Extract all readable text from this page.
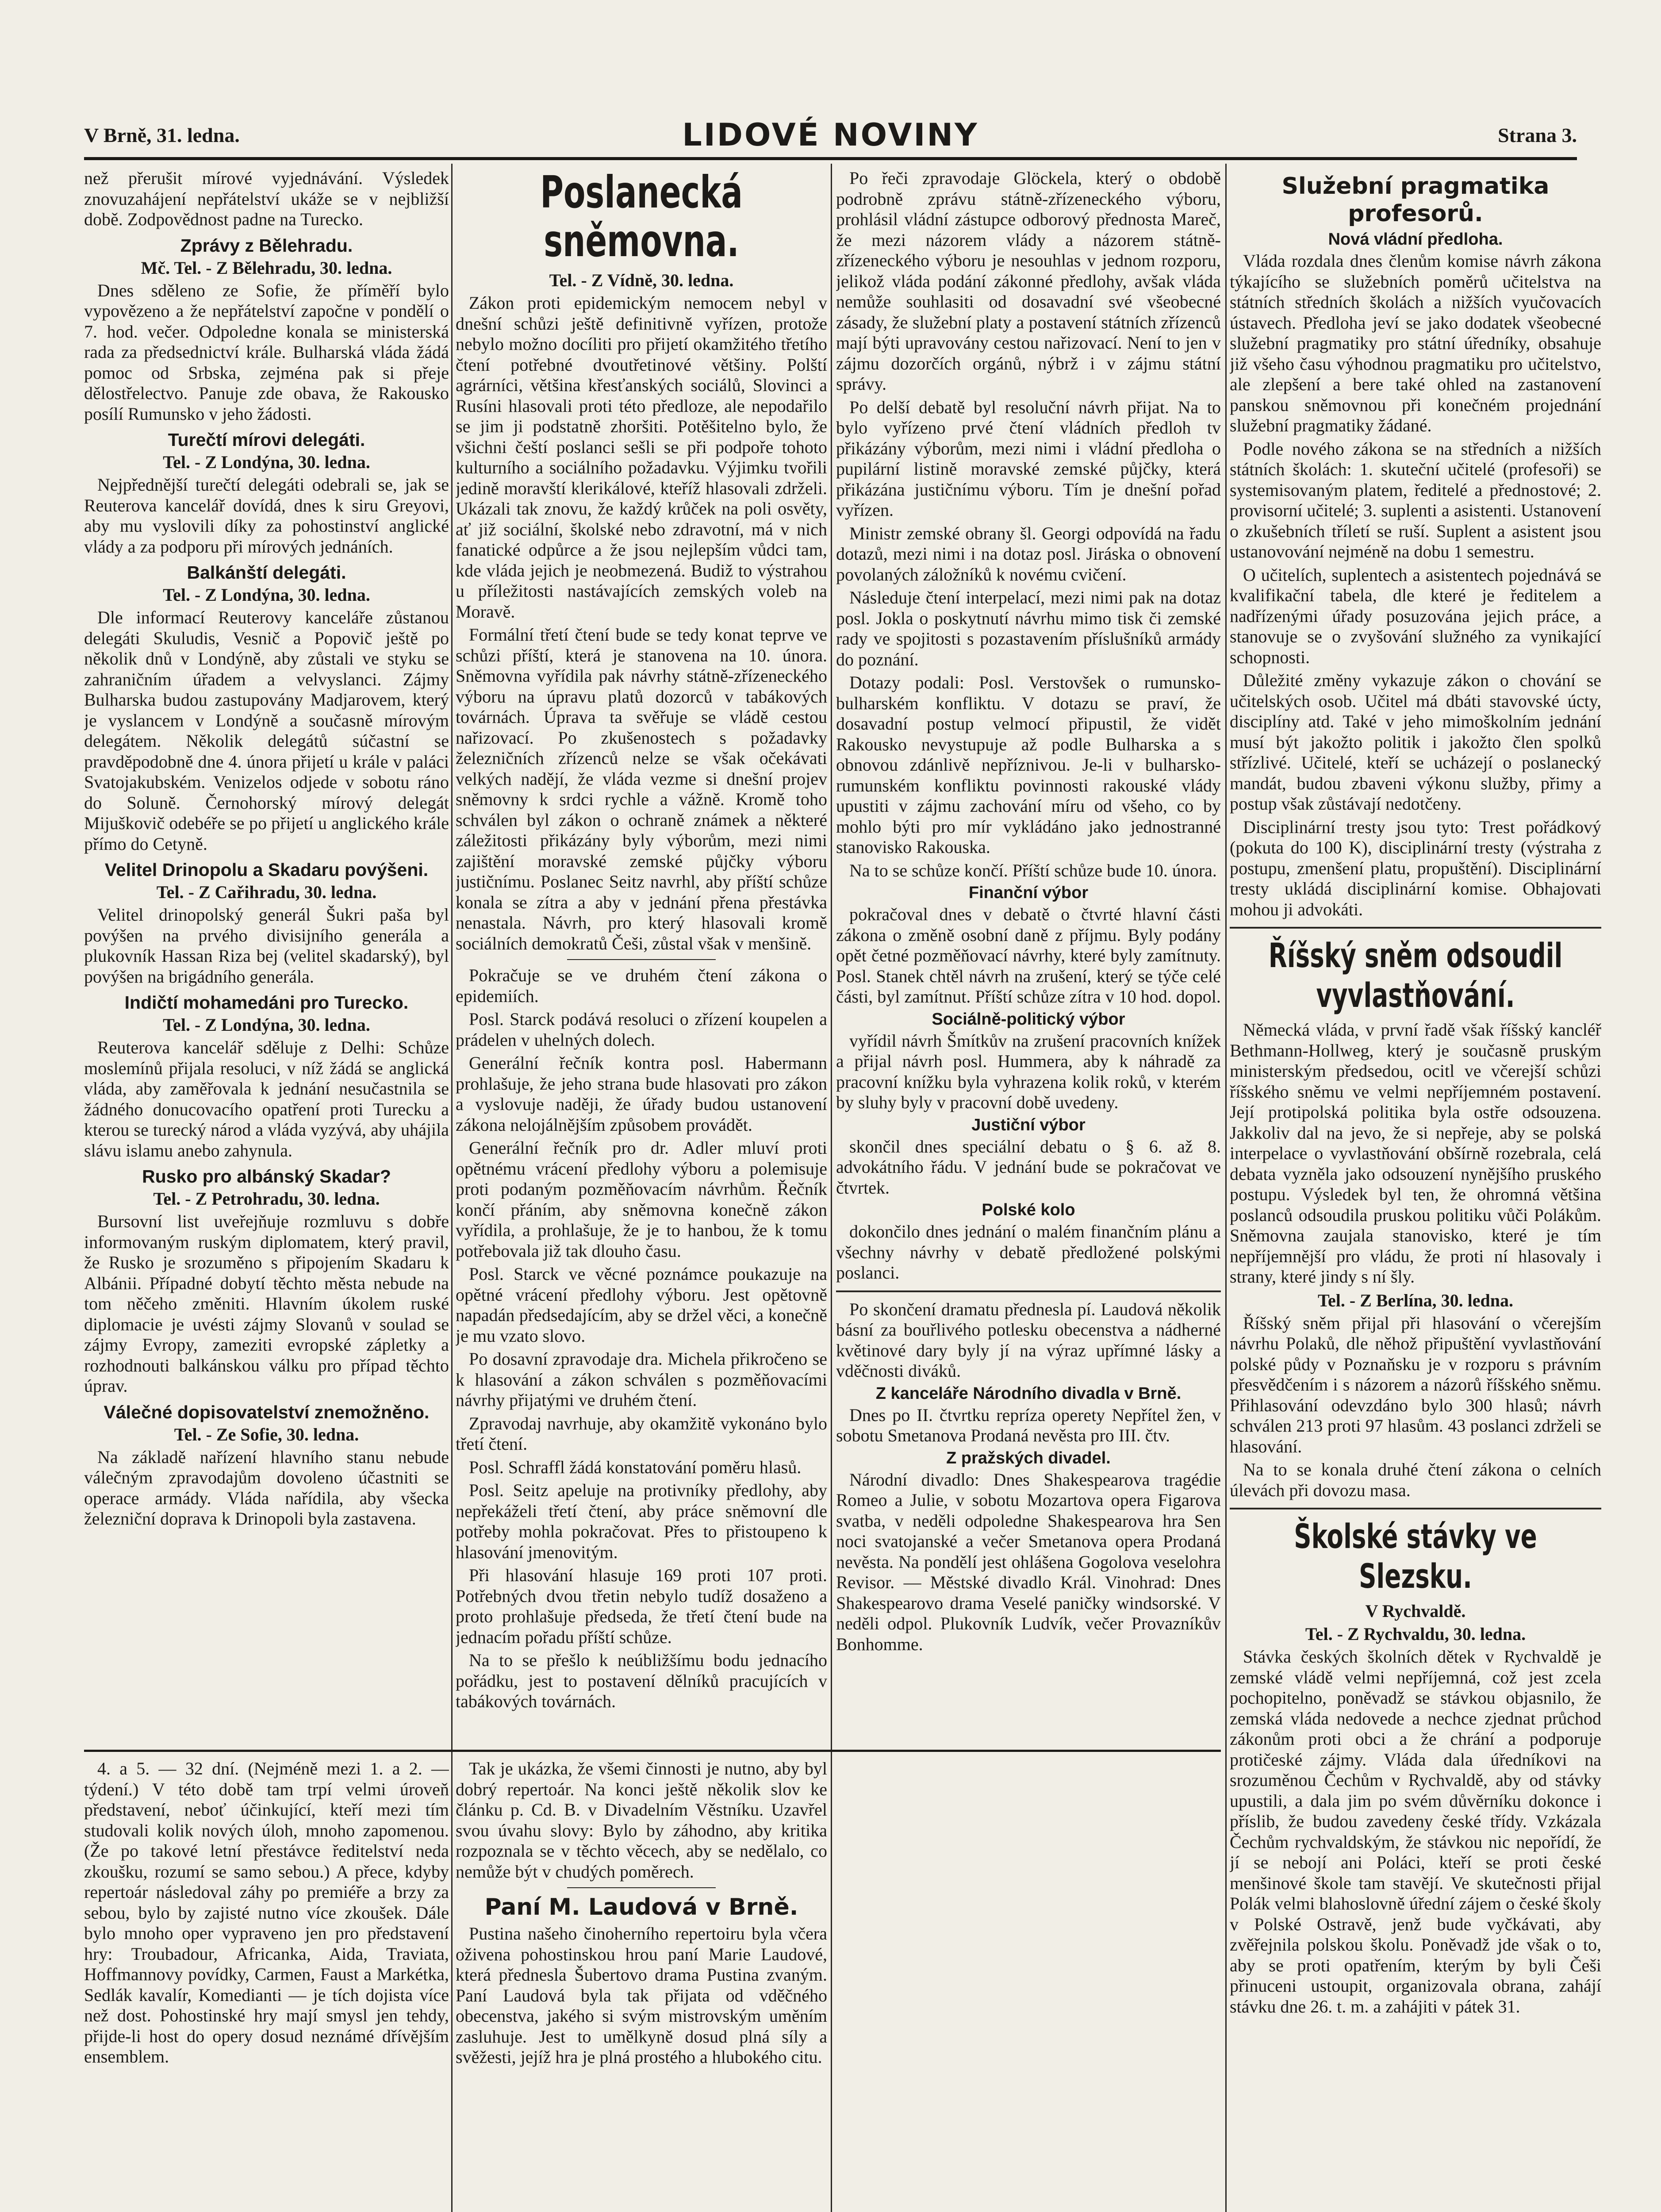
V Brně, 31. ledna.	LIDOVÉ NOVINY	Strana 3.

než přerušit mírové vyjednávání. Výsledek znovuzahájení nepřátelství ukáže se v nejbližší době. Zodpovědnost padne na Turecko.

Zprávy z Bělehradu.
Mč. Tel. - Z Bělehradu, 30. ledna.

Dnes sděleno ze Sofie, že příměří bylo vypovězeno a že nepřátelství započne v pondělí o 7. hod. večer. Odpoledne konala se ministerská rada za předsednictví krále. Bulharská vláda žádá pomoc od Srbska, zejména pak si přeje dělostřelectvo. Panuje zde obava, že Rakousko posílí Rumunsko v jeho žádosti.

Turečtí mírovi delegáti.
Tel. - Z Londýna, 30. ledna.

Nejpřednější turečtí delegáti odebrali se, jak se Reuterova kancelář dovídá, dnes k siru Greyovi, aby mu vyslovili díky za pohostinství anglické vlády a za podporu při mírových jednáních.

Balkánští delegáti.
Tel. - Z Londýna, 30. ledna.

Dle informací Reuterovy kanceláře zůstanou delegáti Skuludis, Vesnič a Popovič ještě po několik dnů v Londýně, aby zůstali ve styku se zahraničním úřadem a velvyslanci. Zájmy Bulharska budou zastupovány Madjarovem, který je vyslancem v Londýně a současně mírovým delegátem. Několik delegátů súčastní se pravděpodobně dne 4. února přijetí u krále v paláci Svatojakubském. Venizelos odjede v sobotu ráno do Soluně. Černohorský mírový delegát Mijuškovič odebéře se po přijetí u anglického krále přímo do Cetyně.

Velitel Drinopolu a Skadaru povýšeni.
Tel. - Z Cařihradu, 30. ledna.

Velitel drinopolský generál Šukri paša byl povýšen na prvého divisijního generála a plukovník Hassan Riza bej (velitel skadarský), byl povýšen na brigádního generála.

Indičtí mohamedáni pro Turecko.
Tel. - Z Londýna, 30. ledna.

Reuterova kancelář sděluje z Delhi: Schůze moslemínů přijala resoluci, v níž žádá se anglická vláda, aby zaměřovala k jednání nesučastnila se žádného donucovacího opatření proti Turecku a kterou se turecký národ a vláda vyzývá, aby uhájila slávu islamu anebo zahynula.

Rusko pro albánský Skadar?
Tel. - Z Petrohradu, 30. ledna.

Bursovní list uveřejňuje rozmluvu s dobře informovaným ruským diplomatem, který pravil, že Rusko je srozuměno s připojením Skadaru k Albánii. Případné dobytí těchto města nebude na tom něčeho změniti. Hlavním úkolem ruské diplomacie je uvésti zájmy Slovanů v soulad se zájmy Evropy, zameziti evropské zápletky a rozhodnouti balkánskou válku pro případ těchto úprav.

Válečné dopisovatelství znemožněno.
Tel. - Ze Sofie, 30. ledna.

Na základě nařízení hlavního stanu nebude válečným zpravodajům dovoleno účastniti se operace armády. Vláda nařídila, aby všecka železniční doprava k Drinopoli byla zastavena.

Poslanecká sněmovna.
Tel. - Z Vídně, 30. ledna.

Zákon proti epidemickým nemocem nebyl v dnešní schůzi ještě definitivně vyřízen, protože nebylo možno docíliti pro přijetí okamžitého třetího čtení potřebné dvoutřetinové většiny. Polští agrárníci, většina křesťanských sociálů, Slovinci a Rusíni hlasovali proti této předloze, ale nepodařilo se jim ji podstatně zhoršiti. Potěšitelno bylo, že všichni čeští poslanci sešli se při podpoře tohoto kulturního a sociálního požadavku. Výjimku tvořili jedině moravští klerikálové, kteříž hlasovali zdrželi. Ukázali tak znovu, že každý krůček na poli osvěty, ať již sociální, školské nebo zdravotní, má v nich fanatické odpůrce a že jsou nejlepším vůdci tam, kde vláda jejich je neobmezená. Budiž to výstrahou u příležitosti nastávajících zemských voleb na Moravě.

Formální třetí čtení bude se tedy konat teprve ve schůzi příští, která je stanovena na 10. února. Sněmovna vyřídila pak návrhy státně-zřízeneckého výboru na úpravu platů dozorců v tabákových továrnách. Úprava ta svěřuje se vládě cestou nařizovací. Po zkušenostech s požadavky železničních zřízenců nelze se však očekávati velkých nadějí, že vláda vezme si dnešní projev sněmovny k srdci rychle a vážně. Kromě toho schválen byl zákon o ochraně známek a některé záležitosti přikázány byly výborům, mezi nimi zajištění moravské zemské půjčky výboru justičnímu. Poslanec Seitz navrhl, aby příští schůze konala se zítra a aby v jednání přena přestávka nenastala. Návrh, pro který hlasovali kromě sociálních demokratů Češi, zůstal však v menšině.

Pokračuje se ve druhém čtení zákona o epidemiích.

Posl. Starck podává resoluci o zřízení koupelen a prádelen v uhelných dolech.

Generální řečník kontra posl. Habermann prohlašuje, že jeho strana bude hlasovati pro zákon a vyslovuje naději, že úřady budou ustanovení zákona nelojálnějším způsobem provádět.

Generální řečník pro dr. Adler mluví proti opětnému vrácení předlohy výboru a polemisuje proti podaným pozměňovacím návrhům. Řečník končí přáním, aby sněmovna konečně zákon vyřídila, a prohlašuje, že je to hanbou, že k tomu potřebovala již tak dlouho času.

Posl. Starck ve věcné poznámce poukazuje na opětné vrácení předlohy výboru. Jest opětovně napadán předsedajícím, aby se držel věci, a konečně je mu vzato slovo.

Po dosavní zpravodaje dra. Michela přikročeno se k hlasování a zákon schválen s pozměňovacími návrhy přijatými ve druhém čtení.

Zpravodaj navrhuje, aby okamžitě vykonáno bylo třetí čtení.

Posl. Schraffl žádá konstatování poměru hlasů.

Posl. Seitz apeluje na protivníky předlohy, aby nepřekáželi třetí čtení, aby práce sněmovní dle potřeby mohla pokračovat. Přes to přistoupeno k hlasování jmenovitým.

Při hlasování hlasuje 169 proti 107 proti. Potřebných dvou třetin nebylo tudíž dosaženo a proto prohlašuje předseda, že třetí čtení bude na jednacím pořadu příští schůze.

Na to se přešlo k neúbližšímu bodu jednacího pořádku, jest to postavení dělníků pracujících v tabákových továrnách.

Po řeči zpravodaje Glöckela, který o obdobě podrobně zprávu státně-zřízeneckého výboru, prohlásil vládní zástupce odborový přednosta Mareč, že mezi názorem vlády a názorem státně-zřízeneckého výboru je nesouhlas v jednom rozporu, jelikož vláda podání zákonné předlohy, avšak vláda nemůže souhlasiti od dosavadní své všeobecné zásady, že služební platy a postavení státních zřízenců mají býti upravovány cestou nařizovací. Není to jen v zájmu dozorčích orgánů, nýbrž i v zájmu státní správy.

Po delší debatě byl resoluční návrh přijat. Na to bylo vyřízeno prvé čtení vládních předloh tv přikázány výborům, mezi nimi i vládní předloha o pupilární listině moravské zemské půjčky, která přikázána justičnímu výboru. Tím je dnešní pořad vyřízen.

Ministr zemské obrany šl. Georgi odpovídá na řadu dotazů, mezi nimi i na dotaz posl. Jiráska o obnovení povolaných záložníků k novému cvičení.

Následuje čtení interpelací, mezi nimi pak na dotaz posl. Jokla o poskytnutí návrhu mimo tisk či zemské rady ve spojitosti s pozastavením příslušníků armády do poznání.

Dotazy podali: Posl. Verstovšek o rumunsko-bulharském konfliktu. V dotazu se praví, že dosavadní postup velmocí připustil, že vidět Rakousko nevystupuje až podle Bulharska a s obnovou zdánlivě nepříznivou. Je-li v bulharsko-rumunském konfliktu povinnosti rakouské vlády upustiti v zájmu zachování míru od všeho, co by mohlo býti pro mír vykládáno jako jednostranné stanovisko Rakouska.

Na to se schůze končí. Příští schůze bude 10. února.

Finanční výbor

pokračoval dnes v debatě o čtvrté hlavní části zákona o změně osobní daně z příjmu. Byly podány opět četné pozměňovací návrhy, které byly zamítnuty. Posl. Stanek chtěl návrh na zrušení, který se týče celé části, byl zamítnut. Příští schůze zítra v 10 hod. dopol.

Sociálně-politický výbor

vyřídil návrh Šmítkův na zrušení pracovních knížek a přijal návrh posl. Hummera, aby k náhradě za pracovní knížku byla vyhrazena kolik roků, v kterém by sluhy byly v pracovní době uvedeny.

Justiční výbor

skončil dnes speciální debatu o § 6. až 8. advokátního řádu. V jednání bude se pokračovat ve čtvrtek.

Polské kolo

dokončilo dnes jednání o malém finančním plánu a všechny návrhy v debatě předložené polskými poslanci.

Po skončení dramatu přednesla pí. Laudová několik básní za bouřlivého potlesku obecenstva a nádherné květinové dary byly jí na výraz upřímné lásky a vděčnosti diváků.

Z kanceláře Národního divadla v Brně.

Dnes po II. čtvrtku repríza operety Nepřítel žen, v sobotu Smetanova Prodaná nevěsta pro III. čtv.

Z pražských divadel.

Národní divadlo: Dnes Shakespearova tragédie Romeo a Julie, v sobotu Mozartova opera Figarova svatba, v neděli odpoledne Shakespearova hra Sen noci svatojanské a večer Smetanova opera Prodaná nevěsta. Na pondělí jest ohlášena Gogolova veselohra Revisor. — Městské divadlo Král. Vinohrad: Dnes Shakespearovo drama Veselé paničky windsorské. V neděli odpol. Plukovník Ludvík, večer Provazníkův Bonhomme.

Služební pragmatika profesorů.
Nová vládní předloha.

Vláda rozdala dnes členům komise návrh zákona týkajícího se služebních poměrů učitelstva na státních středních školách a nižších vyučovacích ústavech. Předloha jeví se jako dodatek všeobecné služební pragmatiky pro státní úředníky, obsahuje již všeho času výhodnou pragmatiku pro učitelstvo, ale zlepšení a bere také ohled na zastanovení panskou sněmovnou při konečném projednání služební pragmatiky žádané.

Podle nového zákona se na středních a nižších státních školách: 1. skuteční učitelé (profesoři) se systemisovaným platem, ředitelé a přednostové; 2. provisorní učitelé; 3. suplenti a asistenti. Ustanovení o zkušebních tříletí se ruší. Suplent a asistent jsou ustanovování nejméně na dobu 1 semestru.

O učitelích, suplentech a asistentech pojednává se kvalifikační tabela, dle které je ředitelem a nadřízenými úřady posuzována jejich práce, a stanovuje se o zvyšování služného za vynikající schopnosti.

Důležité změny vykazuje zákon o chování se učitelských osob. Učitel má dbáti stavovské úcty, disciplíny atd. Také v jeho mimoškolním jednání musí být jakožto politik i jakožto člen spolků střízlivé. Učitelé, kteří se ucházejí o poslanecký mandát, budou zbaveni výkonu služby, přimy a postup však zůstávají nedotčeny.

Disciplinární tresty jsou tyto: Trest pořádkový (pokuta do 100 K), disciplinární tresty (výstraha z postupu, zmenšení platu, propuštění). Disciplinární tresty ukládá disciplinární komise. Obhajovati mohou ji advokáti.

Říšský sněm odsoudil vyvlastňování.

Německá vláda, v první řadě však říšský kancléř Bethmann-Hollweg, který je současně pruským ministerským předsedou, ocitl ve včerejší schůzi říšského sněmu ve velmi nepříjemném postavení. Její protipolská politika byla ostře odsouzena. Jakkoliv dal na jevo, že si nepřeje, aby se polská interpelace o vyvlastňování obšírně rozebrala, celá debata vyzněla jako odsouzení nynějšího pruského postupu. Výsledek byl ten, že ohromná většina poslanců odsoudila pruskou politiku vůči Polákům. Sněmovna zaujala stanovisko, které je tím nepříjemnější pro vládu, že proti ní hlasovaly i strany, které jindy s ní šly.

Tel. - Z Berlína, 30. ledna.

Říšský sněm přijal při hlasování o včerejším návrhu Polaků, dle něhož připuštění vyvlastňování polské půdy v Poznaňsku je v rozporu s právním přesvědčením i s názorem a názorů říšského sněmu. Přihlasování odevzdáno bylo 300 hlasů; návrh schválen 213 proti 97 hlasům. 43 poslanci zdrželi se hlasování.

Na to se konala druhé čtení zákona o celních úlevách při dovozu masa.

Školské stávky ve Slezsku.
V Rychvaldě.
Tel. - Z Rychvaldu, 30. ledna.

Stávka českých školních dětek v Rychvaldě je zemské vládě velmi nepříjemná, což jest zcela pochopitelno, poněvadž se stávkou objasnilo, že zemská vláda nedovede a nechce zjednat průchod zákonům proti obci a že chrání a podporuje protičeské zájmy. Vláda dala úředníkovi na srozuměnou Čechům v Rychvaldě, aby od stávky upustili, a dala jim po svém důvěrníku dokonce i příslib, že budou zavedeny české třídy. Vzkázala Čechům rychvaldským, že stávkou nic nepořídí, že jí se nebojí ani Poláci, kteří se proti české menšinové škole tam stavějí. Ve skutečnosti přijal Polák velmi blahoslovně úřední zájem o české školy v Polské Ostravě, jenž bude vyčkávati, aby zvěřejnila polskou školu. Poněvadž jde však o to, aby se proti opatřením, kterým by byli Češi přinuceni ustoupit, organizovala obrana, zahájí stávku dne 26. t. m. a zahájiti v pátek 31.

4. a 5. — 32 dní. (Nejméně mezi 1. a 2. — týdení.) V této době tam trpí velmi úroveň představení, neboť účinkující, kteří mezi tím studovali kolik nových úloh, mnoho zapomenou. (Že po takové letní přestávce ředitelství neda zkoušku, rozumí se samo sebou.) A přece, kdyby repertoár následoval záhy po premiéře a brzy za sebou, bylo by zajisté nutno více zkoušek. Dále bylo mnoho oper vypraveno jen pro představení hry: Troubadour, Africanka, Aida, Traviata, Hoffmannovy povídky, Carmen, Faust a Markétka, Sedlák kavalír, Komedianti — je tích dojista více než dost. Pohostinské hry mají smysl jen tehdy, přijde-li host do opery dosud neznámé dřívějším ensemblem.

Tak je ukázka, že všemi činnosti je nutno, aby byl dobrý repertoár. Na konci ještě několik slov ke článku p. Cd. B. v Divadelním Věstníku. Uzavřel svou úvahu slovy: Bylo by záhodno, aby kritika rozpoznala se v těchto věcech, aby se nedělalo, co nemůže být v chudých poměrech.

Paní M. Laudová v Brně.

Pustina našeho činoherního repertoiru byla včera oživena pohostinskou hrou paní Marie Laudové, která přednesla Šubertovo drama Pustina zvaným. Paní Laudová byla tak přijata od vděčného obecenstva, jakého si svým mistrovským uměním zasluhuje. Jest to umělkyně dosud plná síly a svěžesti, jejíž hra je plná prostého a hlubokého citu.
